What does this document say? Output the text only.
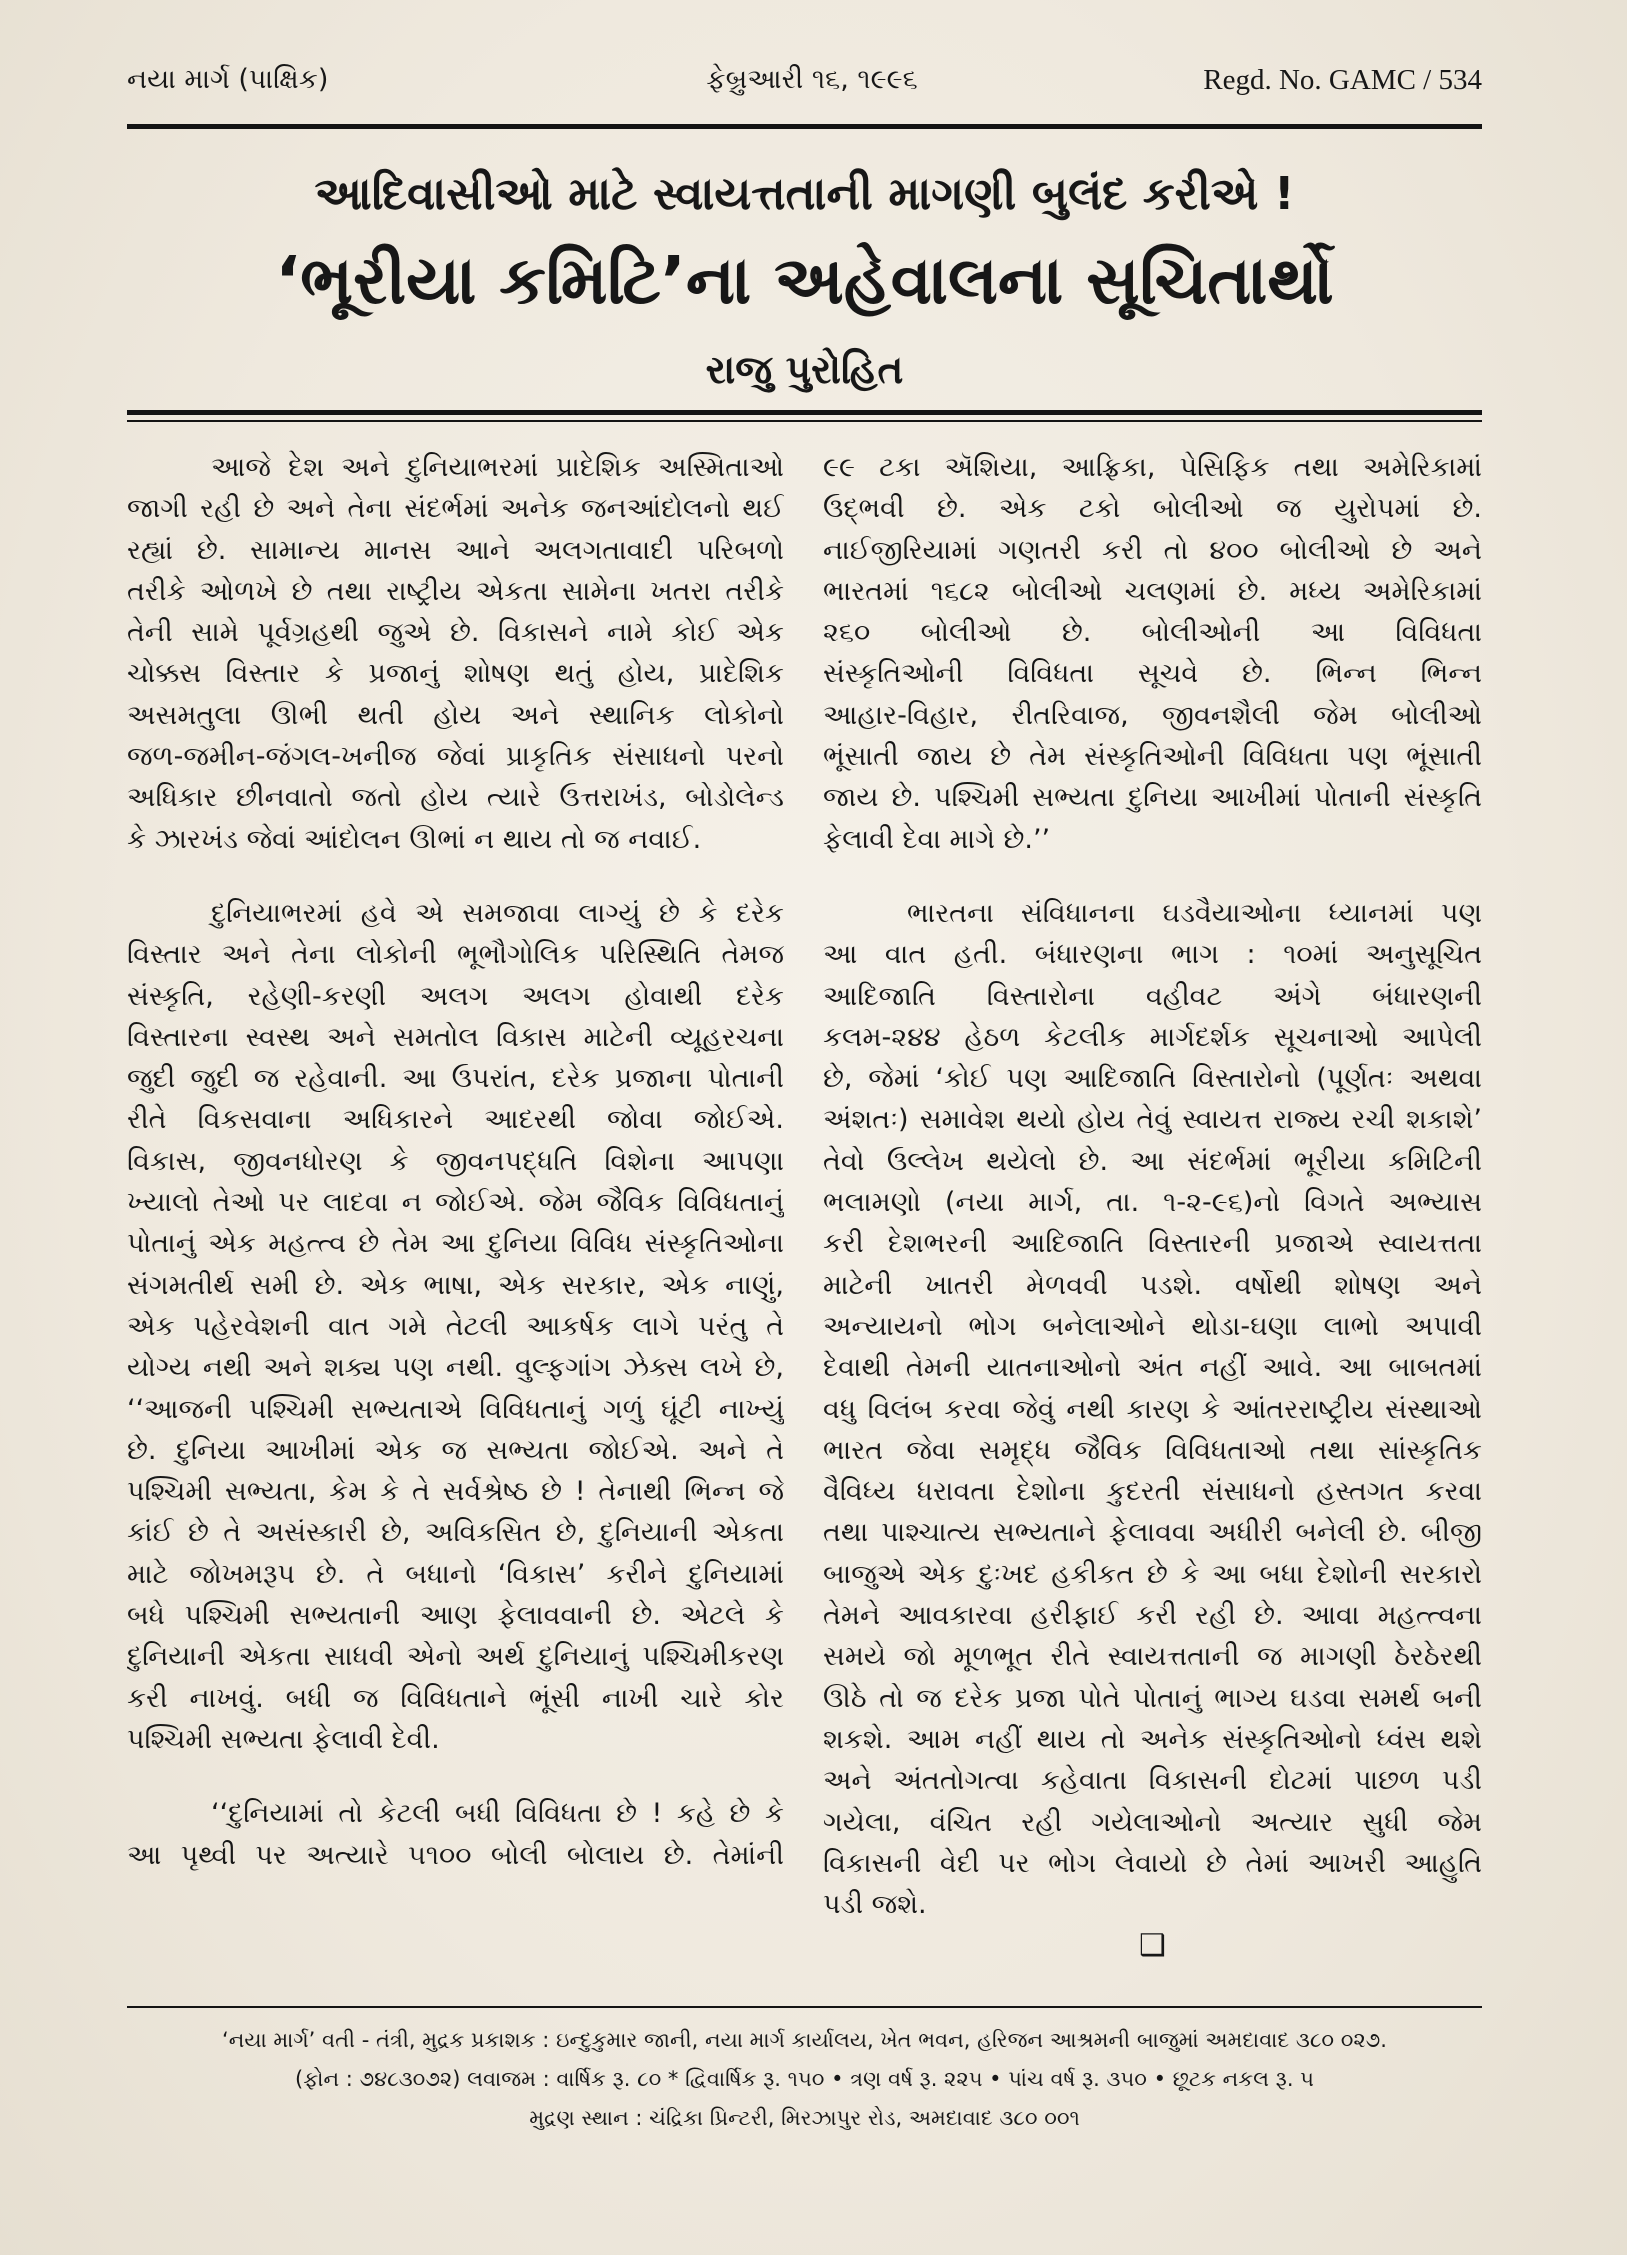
નયા માર્ગ (પાક્ષિક)	ફેબ્રુઆરી ૧૬, ૧૯૯૬	Regd. No. GAMC / 534
આદિવાસીઓ માટે સ્વાયત્તતાની માગણી બુલંદ કરીએ !
‘ભૂરીયા કમિટિ’ના અહેવાલના સૂચિતાર્થો
રાજુ પુરોહિત
આજે દેશ અને દુનિયાભરમાં પ્રાદેશિક અસ્મિતાઓ
જાગી રહી છે અને તેના સંદર્ભમાં અનેક જનઆંદોલનો થઈ
રહ્યાં છે. સામાન્ય માનસ આને અલગતાવાદી પરિબળો
તરીકે ઓળખે છે તથા રાષ્ટ્રીય એકતા સામેના ખતરા તરીકે
તેની સામે પૂર્વગ્રહથી જુએ છે. વિકાસને નામે કોઈ એક
ચોક્કસ વિસ્તાર કે પ્રજાનું શોષણ થતું હોય, પ્રાદેશિક
અસમતુલા ઊભી થતી હોય અને સ્થાનિક લોકોનો
જળ-જમીન-જંગલ-ખનીજ જેવાં પ્રાકૃતિક સંસાધનો પરનો
અધિકાર છીનવાતો જતો હોય ત્યારે ઉત્તરાખંડ, બોડોલેન્ડ
કે ઝારખંડ જેવાં આંદોલન ઊભાં ન થાય તો જ નવાઈ.
દુનિયાભરમાં હવે એ સમજાવા લાગ્યું છે કે દરેક
વિસ્તાર અને તેના લોકોની ભૂભૌગોલિક પરિસ્થિતિ તેમજ
સંસ્કૃતિ, રહેણી-કરણી અલગ અલગ હોવાથી દરેક
વિસ્તારના સ્વસ્થ અને સમતોલ વિકાસ માટેની વ્યૂહરચના
જુદી જુદી જ રહેવાની. આ ઉપરાંત, દરેક પ્રજાના પોતાની
રીતે વિકસવાના અધિકારને આદરથી જોવા જોઈએ.
વિકાસ, જીવનધોરણ કે જીવનપદ્ધતિ વિશેના આપણા
ખ્યાલો તેઓ પર લાદવા ન જોઈએ. જેમ જૈવિક વિવિધતાનું
પોતાનું એક મહત્ત્વ છે તેમ આ દુનિયા વિવિધ સંસ્કૃતિઓના
સંગમતીર્થ સમી છે. એક ભાષા, એક સરકાર, એક નાણું,
એક પહેરવેશની વાત ગમે તેટલી આકર્ષક લાગે પરંતુ તે
યોગ્ય નથી અને શક્ય પણ નથી. વુલ્ફગાંગ ઝેક્સ લખે છે,
‘‘આજની પશ્ચિમી સભ્યતાએ વિવિધતાનું ગળું ઘૂંટી નાખ્યું
છે. દુનિયા આખીમાં એક જ સભ્યતા જોઈએ. અને તે
પશ્ચિમી સભ્યતા, કેમ કે તે સર્વશ્રેષ્ઠ છે ! તેનાથી ભિન્ન જે
કાંઈ છે તે અસંસ્કારી છે, અવિકસિત છે, દુનિયાની એકતા
માટે જોખમરૂપ છે. તે બધાનો ‘વિકાસ’ કરીને દુનિયામાં
બધે પશ્ચિમી સભ્યતાની આણ ફેલાવવાની છે. એટલે કે
દુનિયાની એકતા સાધવી એનો અર્થ દુનિયાનું પશ્ચિમીકરણ
કરી નાખવું. બધી જ વિવિધતાને ભૂંસી નાખી ચારે કોર
પશ્ચિમી સભ્યતા ફેલાવી દેવી.
‘‘દુનિયામાં તો કેટલી બધી વિવિધતા છે ! કહે છે કે
આ પૃથ્વી પર અત્યારે ૫૧૦૦ બોલી બોલાય છે. તેમાંની
૯૯ ટકા ઍશિયા, આફ્રિકા, પેસિફિક તથા અમેરિકામાં
ઉદ્ભવી છે. એક ટકો બોલીઓ જ યુરોપમાં છે.
નાઈજીરિયામાં ગણતરી કરી તો ૪૦૦ બોલીઓ છે અને
ભારતમાં ૧૬૮૨ બોલીઓ ચલણમાં છે. મધ્ય અમેરિકામાં
૨૬૦ બોલીઓ છે. બોલીઓની આ વિવિધતા
સંસ્કૃતિઓની વિવિધતા સૂચવે છે. ભિન્ન ભિન્ન
આહાર-વિહાર, રીતરિવાજ, જીવનશૈલી જેમ બોલીઓ
ભૂંસાતી જાય છે તેમ સંસ્કૃતિઓની વિવિધતા પણ ભૂંસાતી
જાય છે. પશ્ચિમી સભ્યતા દુનિયા આખીમાં પોતાની સંસ્કૃતિ
ફેલાવી દેવા માગે છે.’’
ભારતના સંવિધાનના ઘડવૈયાઓના ધ્યાનમાં પણ
આ વાત હતી. બંધારણના ભાગ : ૧૦માં અનુસૂચિત
આદિજાતિ વિસ્તારોના વહીવટ અંગે બંધારણની
કલમ-૨૪૪ હેઠળ કેટલીક માર્ગદર્શક સૂચનાઓ આપેલી
છે, જેમાં ‘કોઈ પણ આદિજાતિ વિસ્તારોનો (પૂર્ણતઃ અથવા
અંશતઃ) સમાવેશ થયો હોય તેવું સ્વાયત્ત રાજ્ય રચી શકાશે’
તેવો ઉલ્લેખ થયેલો છે. આ સંદર્ભમાં ભૂરીયા કમિટિની
ભલામણો (નયા માર્ગ, તા. ૧-૨-૯૬)નો વિગતે અભ્યાસ
કરી દેશભરની આદિજાતિ વિસ્તારની પ્રજાએ સ્વાયત્તતા
માટેની ખાતરી મેળવવી પડશે. વર્ષોથી શોષણ અને
અન્યાયનો ભોગ બનેલાઓને થોડા-ઘણા લાભો અપાવી
દેવાથી તેમની યાતનાઓનો અંત નહીં આવે. આ બાબતમાં
વધુ વિલંબ કરવા જેવું નથી કારણ કે આંતરરાષ્ટ્રીય સંસ્થાઓ
ભારત જેવા સમૃદ્ધ જૈવિક વિવિધતાઓ તથા સાંસ્કૃતિક
વૈવિધ્ય ધરાવતા દેશોના કુદરતી સંસાધનો હસ્તગત કરવા
તથા પાશ્ચાત્ય સભ્યતાને ફેલાવવા અધીરી બનેલી છે. બીજી
બાજુએ એક દુઃખદ હકીકત છે કે આ બધા દેશોની સરકારો
તેમને આવકારવા હરીફાઈ કરી રહી છે. આવા મહત્ત્વના
સમયે જો મૂળભૂત રીતે સ્વાયત્તતાની જ માગણી ઠેરઠેરથી
ઊઠે તો જ દરેક પ્રજા પોતે પોતાનું ભાગ્ય ઘડવા સમર્થ બની
શકશે. આમ નહીં થાય તો અનેક સંસ્કૃતિઓનો ધ્વંસ થશે
અને અંતતોગત્વા કહેવાતા વિકાસની દોટમાં પાછળ પડી
ગયેલા, વંચિત રહી ગયેલાઓનો અત્યાર સુધી જેમ
વિકાસની વેદી પર ભોગ લેવાયો છે તેમાં આખરી આહુતિ
પડી જશે.
❑
‘નયા માર્ગ’ વતી - તંત્રી, મુદ્રક પ્રકાશક : ઇન્દુકુમાર જાની, નયા માર્ગ કાર્યાલય, ખેત ભવન, હરિજન આશ્રમની બાજુમાં અમદાવાદ ૩૮૦ ૦૨૭.
(ફોન : ૭૪૮૩૦૭૨) લવાજમ : વાર્ષિક રૂ. ૮૦ * દ્વિવાર્ષિક રૂ. ૧૫૦ • ત્રણ વર્ષ રૂ. ૨૨૫ • પાંચ વર્ષ રૂ. ૩૫૦ • છૂટક નકલ રૂ. ૫
મુદ્રણ સ્થાન : ચંદ્રિકા પ્રિન્ટરી, મિરઝાપુર રોડ, અમદાવાદ ૩૮૦ ૦૦૧
